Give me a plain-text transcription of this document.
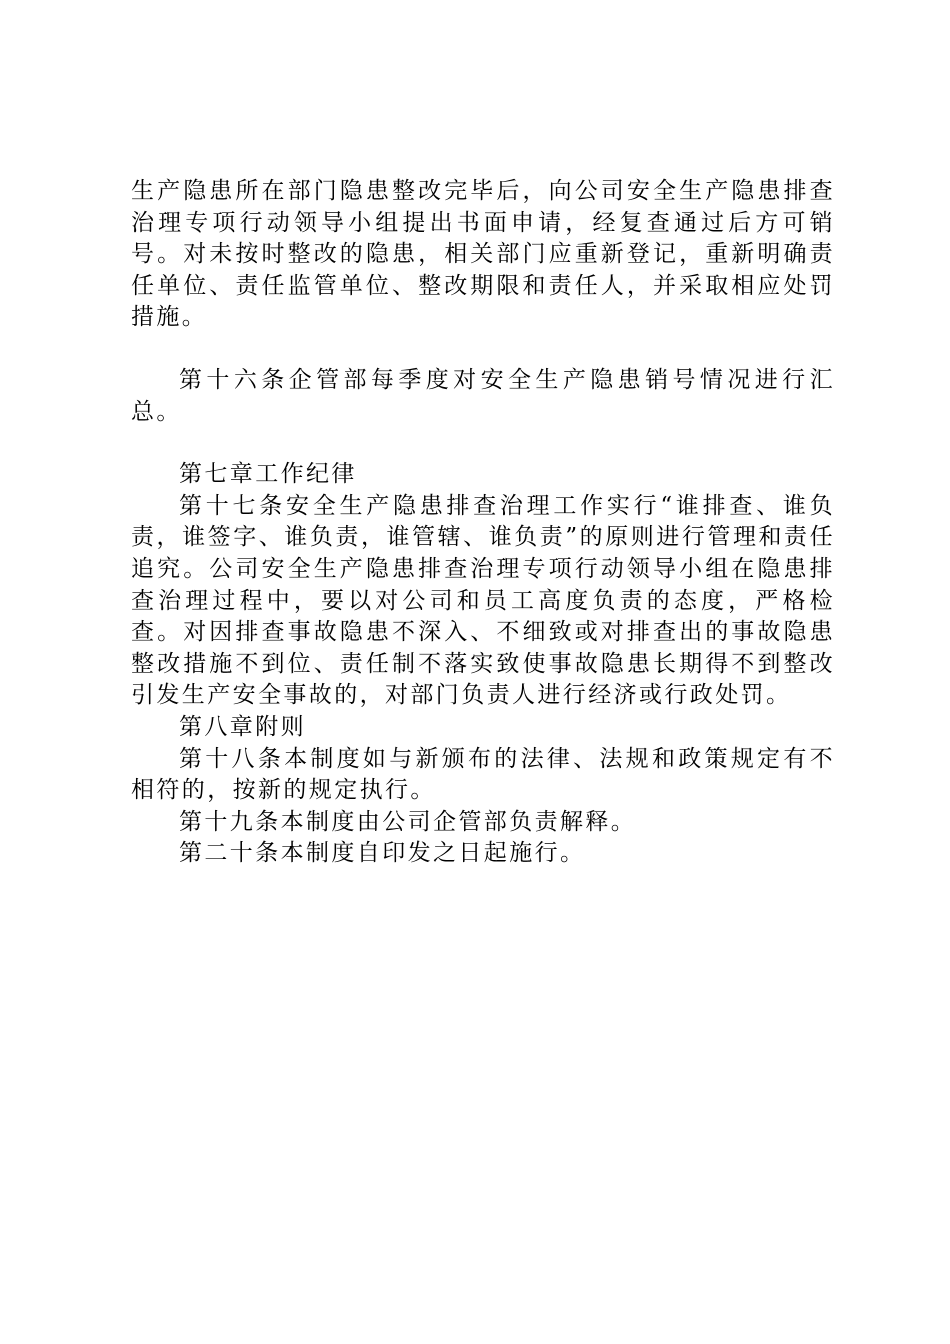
生产隐患所在部门隐患整改完毕后，向公司安全生产隐患排查治理专项行动领导小组提出书面申请，经复查通过后方可销号。对未按时整改的隐患，相关部门应重新登记，重新明确责任单位、责任监管单位、整改期限和责任人，并采取相应处罚措施。

第十六条企管部每季度对安全生产隐患销号情况进行汇总。

第七章工作纪律

第十七条安全生产隐患排查治理工作实行“谁排查、谁负责，谁签字、谁负责，谁管辖、谁负责”的原则进行管理和责任追究。公司安全生产隐患排查治理专项行动领导小组在隐患排查治理过程中，要以对公司和员工高度负责的态度，严格检查。对因排查事故隐患不深入、不细致或对排查出的事故隐患整改措施不到位、责任制不落实致使事故隐患长期得不到整改引发生产安全事故的，对部门负责人进行经济或行政处罚。

第八章附则

第十八条本制度如与新颁布的法律、法规和政策规定有不相符的，按新的规定执行。

第十九条本制度由公司企管部负责解释。

第二十条本制度自印发之日起施行。
